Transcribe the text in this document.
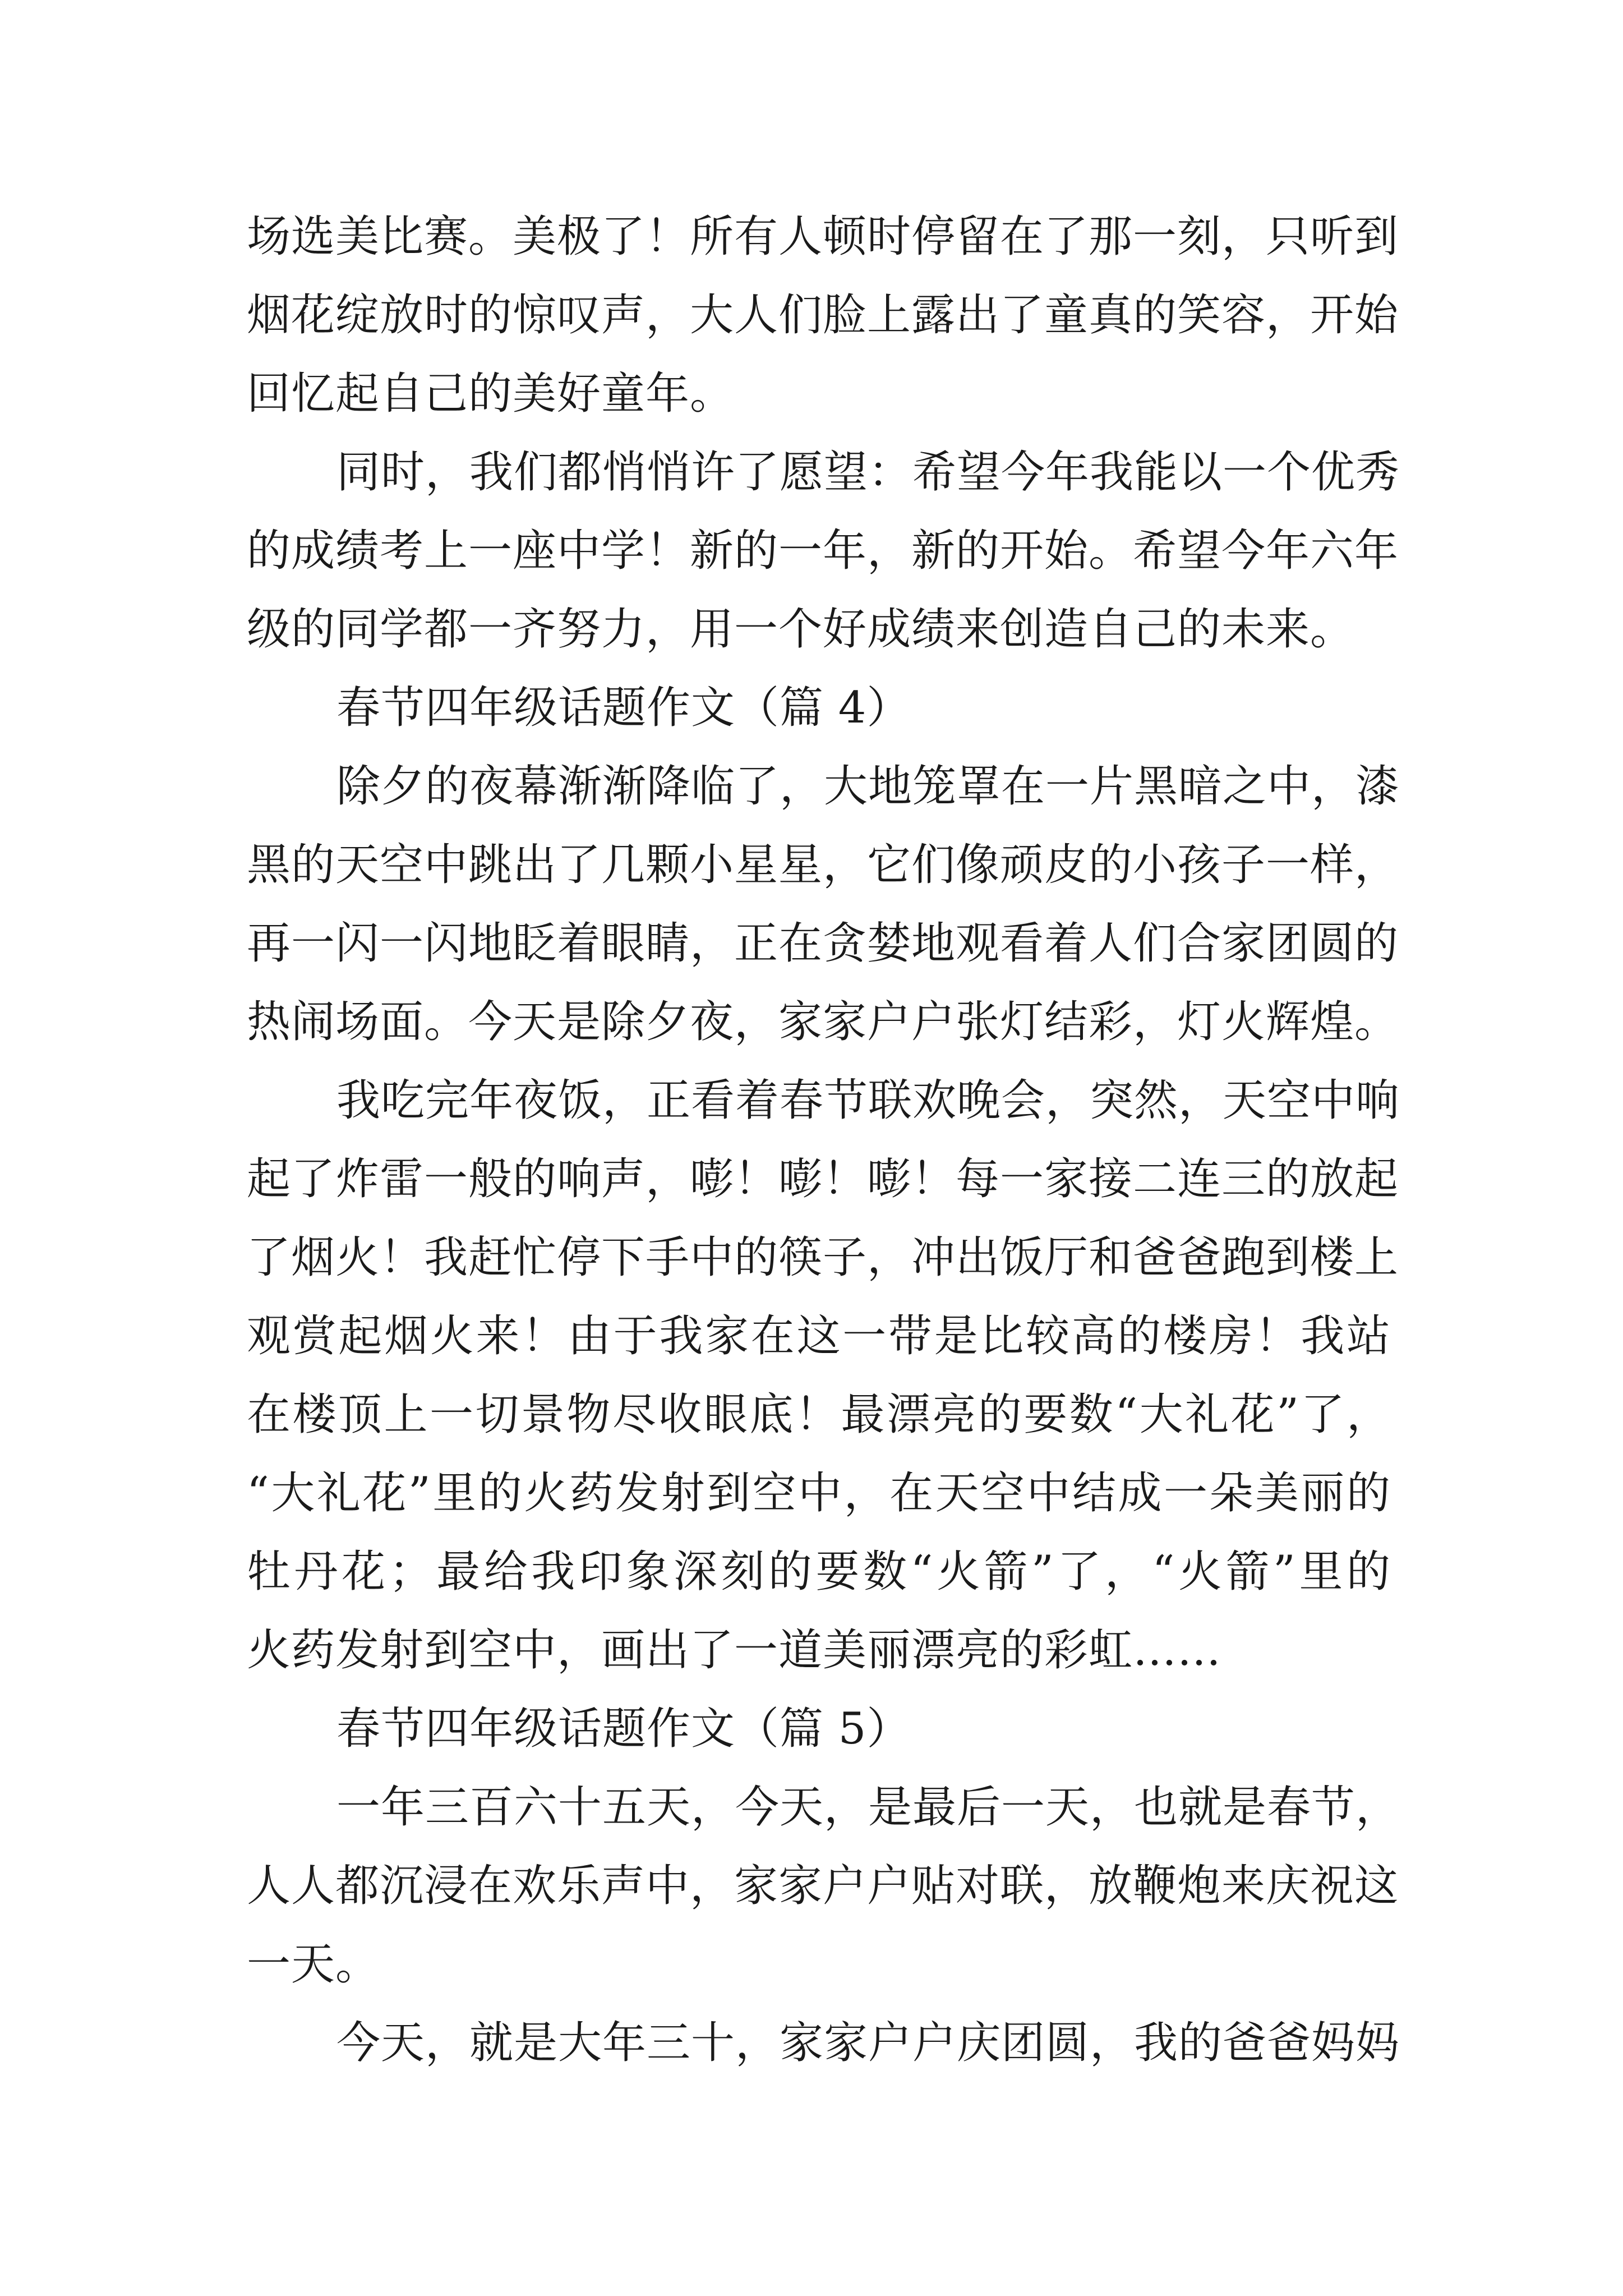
场选美比赛。美极了！所有人顿时停留在了那一刻，只听到

烟花绽放时的惊叹声，大人们脸上露出了童真的笑容，开始

回忆起自己的美好童年。

同时，我们都悄悄许了愿望：希望今年我能以一个优秀

的成绩考上一座中学！新的一年，新的开始。希望今年六年

级的同学都一齐努力，用一个好成绩来创造自己的未来。

春节四年级话题作文（篇 4）

除夕的夜幕渐渐降临了，大地笼罩在一片黑暗之中，漆

黑的天空中跳出了几颗小星星，它们像顽皮的小孩子一样，

再一闪一闪地眨着眼睛，正在贪婪地观看着人们合家团圆的

热闹场面。今天是除夕夜，家家户户张灯结彩，灯火辉煌。

我吃完年夜饭，正看着春节联欢晚会，突然，天空中响

起了炸雷一般的响声，嘭！嘭！嘭！每一家接二连三的放起

了烟火！我赶忙停下手中的筷子，冲出饭厅和爸爸跑到楼上

观赏起烟火来！由于我家在这一带是比较高的楼房！我站

在楼顶上一切景物尽收眼底！最漂亮的要数“大礼花”了，

“大礼花”里的火药发射到空中，在天空中结成一朵美丽的

牡丹花；最给我印象深刻的要数“火箭”了，“火箭”里的

火药发射到空中，画出了一道美丽漂亮的彩虹……

春节四年级话题作文（篇 5）

一年三百六十五天，今天，是最后一天，也就是春节，

人人都沉浸在欢乐声中，家家户户贴对联，放鞭炮来庆祝这

一天。

今天，就是大年三十，家家户户庆团圆，我的爸爸妈妈
